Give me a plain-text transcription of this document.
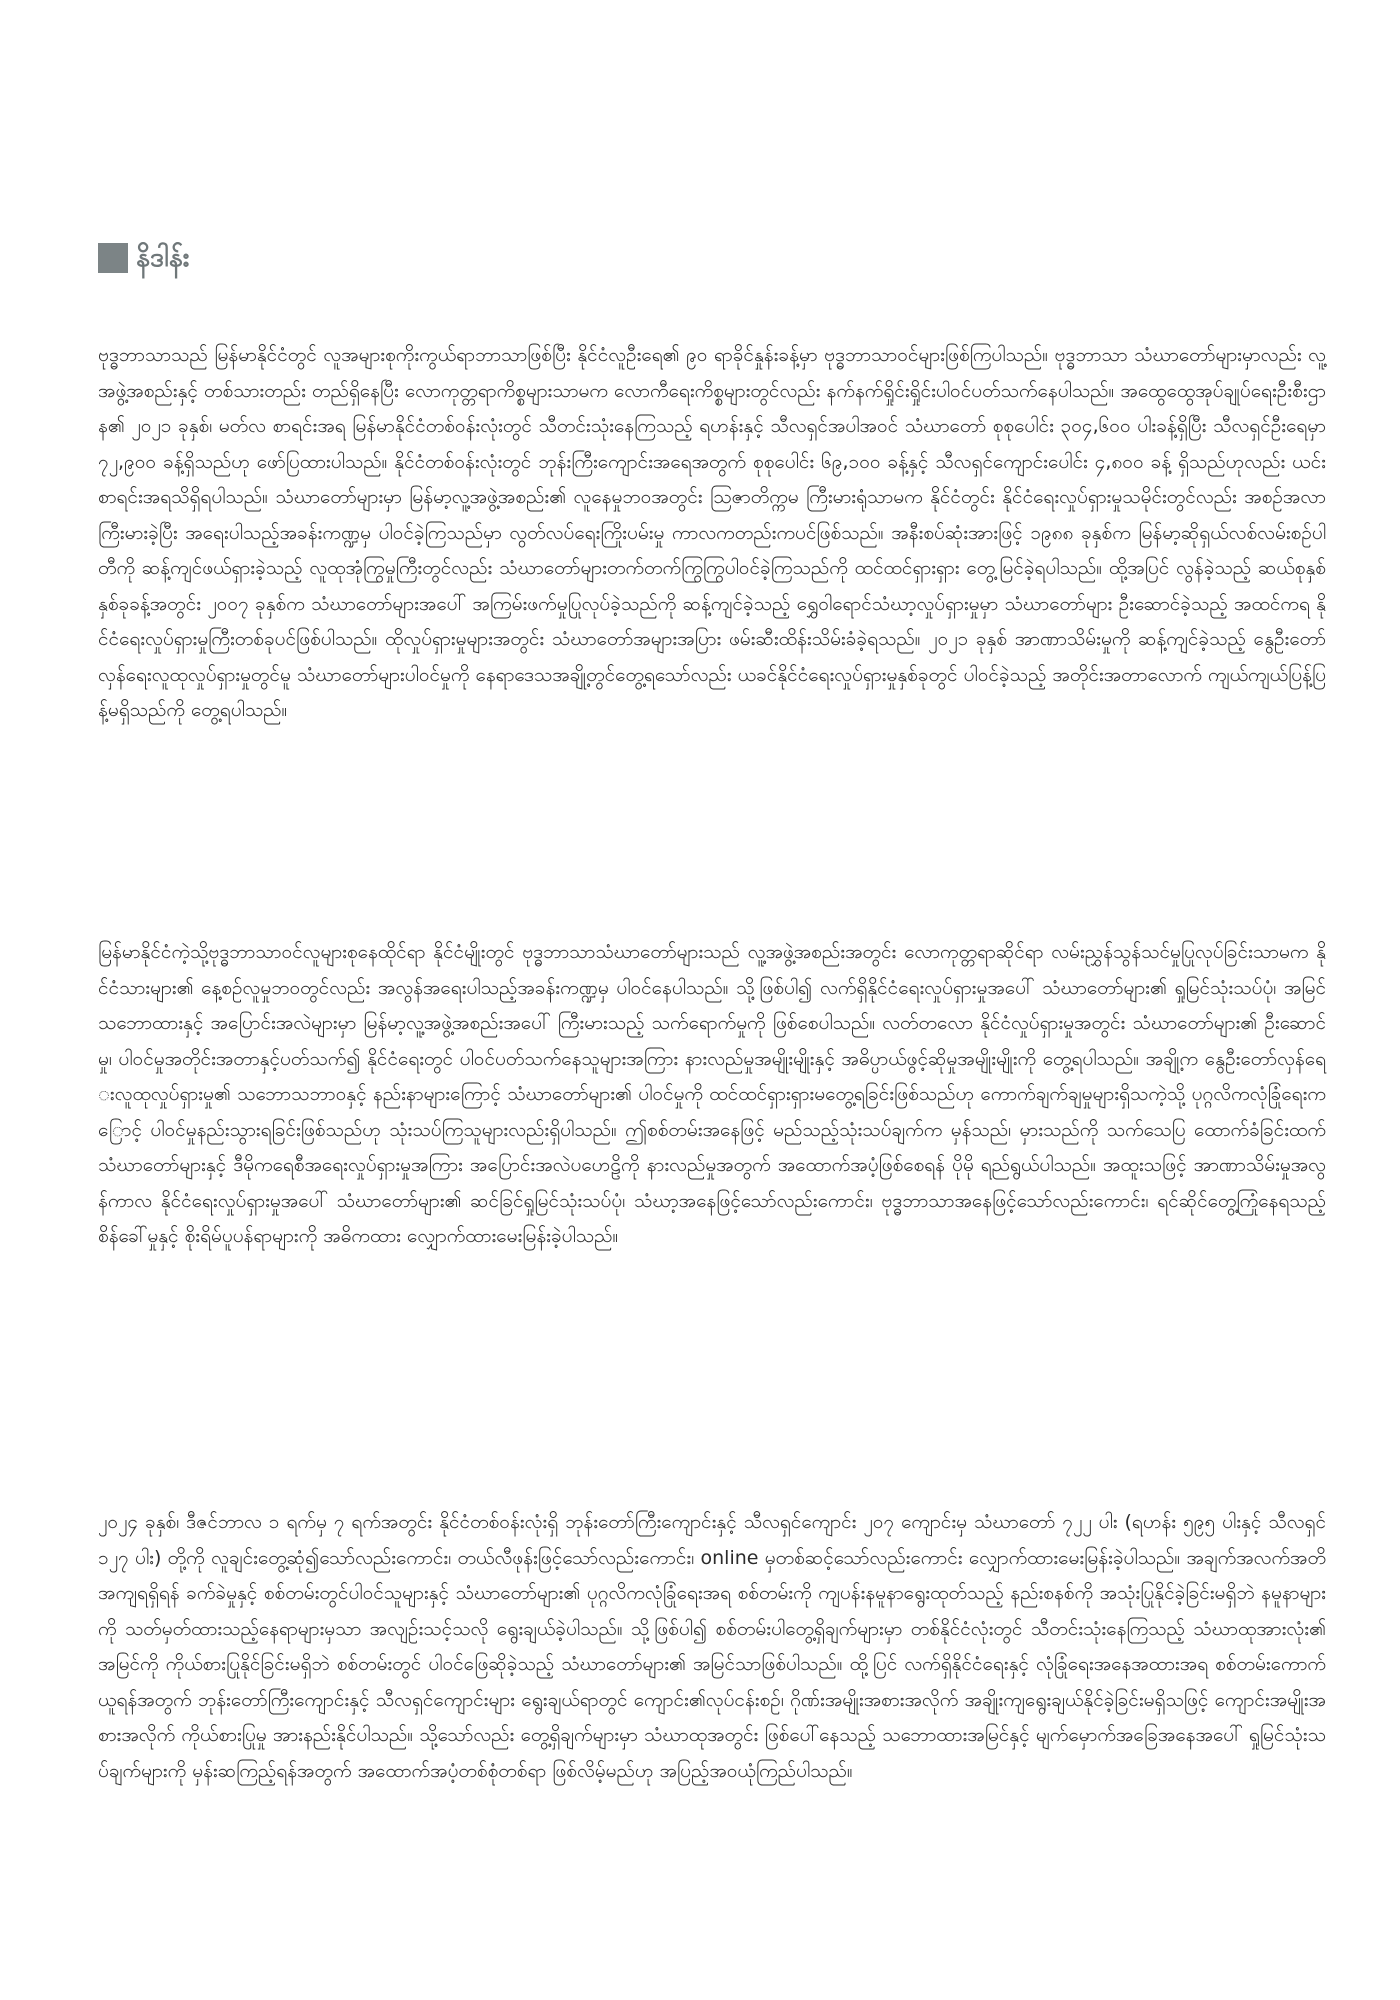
နိဒါန်း

ဗုဒ္ဓဘာသာသည် မြန်မာနိုင်ငံတွင် လူအများစုကိုးကွယ်ရာဘာသာဖြစ်ပြီး နိုင်ငံလူဦးရေ၏ ၉၀ ရာခိုင်နှုန်းခန့်မှာ ဗုဒ္ဓဘာသာဝင်များဖြစ်ကြပါသည်။ ဗုဒ္ဓဘာသာ သံဃာတော်များမှာလည်း လူ့အဖွဲ့အစည်းနှင့် တစ်သားတည်း တည်ရှိနေပြီး လောကုတ္တရာကိစ္စများသာမက လောကီရေးကိစ္စများတွင်လည်း နက်နက်ရှိုင်းရှိုင်းပါဝင်ပတ်သက်နေပါသည်။ အထွေထွေအုပ်ချုပ်ရေးဦးစီးဌာန၏ ၂၀၂၁ ခုနှစ်၊ မတ်လ စာရင်းအရ မြန်မာနိုင်ငံတစ်ဝန်းလုံးတွင် သီတင်းသုံးနေကြသည့် ရဟန်းနှင့် သီလရှင်အပါအဝင် သံဃာတော် စုစုပေါင်း ၃၀၄,၆၀၀ ပါးခန့်ရှိပြီး သီလရှင်ဦးရေမှာ ၇၂,၉၀၀ ခန့်ရှိသည်ဟု ဖော်ပြထားပါသည်။ နိုင်ငံတစ်ဝန်းလုံးတွင် ဘုန်းကြီးကျောင်းအရေအတွက် စုစုပေါင်း ၆၉,၁၀၀ ခန့်နှင့် သီလရှင်ကျောင်းပေါင်း ၄,၈၀၀ ခန့် ရှိသည်ဟုလည်း ယင်းစာရင်းအရသိရှိရပါသည်။ သံဃာတော်များမှာ မြန်မာ့လူ့အဖွဲ့အစည်း၏ လူနေမှုဘဝအတွင်း ဩဇာတိက္ကမ ကြီးမားရုံသာမက နိုင်ငံတွင်း နိုင်ငံရေးလှုပ်ရှားမှုသမိုင်းတွင်လည်း အစဉ်အလာကြီးမားခဲ့ပြီး အရေးပါသည့်အခန်းကဏ္ဍမှ ပါဝင်ခဲ့ကြသည်မှာ လွတ်လပ်ရေးကြိုးပမ်းမှု ကာလကတည်းကပင်ဖြစ်သည်။ အနီးစပ်ဆုံးအားဖြင့် ၁၉၈၈ ခုနှစ်က မြန်မာ့ဆိုရှယ်လစ်လမ်းစဉ်ပါတီကို ဆန့်ကျင်ဖယ်ရှားခဲ့သည့် လူထုအုံကြွမှုကြီးတွင်လည်း သံဃာတော်များတက်တက်ကြွကြွပါဝင်ခဲ့ကြသည်ကို ထင်ထင်ရှားရှား တွေ့မြင်ခဲ့ရပါသည်။ ထို့အပြင် လွန်ခဲ့သည့် ဆယ်စုနှစ်နှစ်ခုခန့်အတွင်း ၂၀၀၇ ခုနှစ်က သံဃာတော်များအပေါ် အကြမ်းဖက်မှုပြုလုပ်ခဲ့သည်ကို ဆန့်ကျင်ခဲ့သည့် ရွှေဝါရောင်သံဃာ့လှုပ်ရှားမှုမှာ သံဃာတော်များ ဦးဆောင်ခဲ့သည့် အထင်ကရ နိုင်ငံရေးလှုပ်ရှားမှုကြီးတစ်ခုပင်ဖြစ်ပါသည်။ ထိုလှုပ်ရှားမှုများအတွင်း သံဃာတော်အများအပြား ဖမ်းဆီးထိန်းသိမ်းခံခဲ့ရသည်။ ၂၀၂၁ ခုနှစ် အာဏာသိမ်းမှုကို ဆန့်ကျင်ခဲ့သည့် နွေဦးတော်လှန်ရေးလူထုလှုပ်ရှားမှုတွင်မူ သံဃာတော်များပါဝင်မှုကို နေရာဒေသအချို့တွင်တွေ့ရသော်လည်း ယခင်နိုင်ငံရေးလှုပ်ရှားမှုနှစ်ခုတွင် ပါဝင်ခဲ့သည့် အတိုင်းအတာလောက် ကျယ်ကျယ်ပြန့်ပြန့်မရှိသည်ကို တွေ့ရပါသည်။

မြန်မာနိုင်ငံကဲ့သို့ဗုဒ္ဓဘာသာဝင်လူများစုနေထိုင်ရာ နိုင်ငံမျိုးတွင် ဗုဒ္ဓဘာသာသံဃာတော်များသည် လူ့အဖွဲ့အစည်းအတွင်း လောကုတ္တရာဆိုင်ရာ လမ်းညွှန်သွန်သင်မှုပြုလုပ်ခြင်းသာမက နိုင်ငံသားများ၏ နေ့စဉ်လူမှုဘဝတွင်လည်း အလွန်အရေးပါသည့်အခန်းကဏ္ဍမှ ပါဝင်နေပါသည်။ သို့ဖြစ်ပါ၍ လက်ရှိနိုင်ငံရေးလှုပ်ရှားမှုအပေါ် သံဃာတော်များ၏ ရှုမြင်သုံးသပ်ပုံ၊ အမြင်သဘောထားနှင့် အပြောင်းအလဲများမှာ မြန်မာ့လူ့အဖွဲ့အစည်းအပေါ် ကြီးမားသည့် သက်ရောက်မှုကို ဖြစ်စေပါသည်။ လတ်တလော နိုင်ငံလှုပ်ရှားမှုအတွင်း သံဃာတော်များ၏ ဦးဆောင်မှု၊ ပါဝင်မှုအတိုင်းအတာနှင့်ပတ်သက်၍ နိုင်ငံရေးတွင် ပါဝင်ပတ်သက်နေသူများအကြား နားလည်မှုအမျိုးမျိုးနှင့် အဓိပ္ပာယ်ဖွင့်ဆိုမှုအမျိုးမျိုးကို တွေ့ရပါသည်။ အချို့က နွေဦးတော်လှန်ရေးလူထုလှုပ်ရှားမှု၏ သဘောသဘာဝနှင့် နည်းနာများကြောင့် သံဃာတော်များ၏ ပါဝင်မှုကို ထင်ထင်ရှားရှားမတွေ့ရခြင်းဖြစ်သည်ဟု ကောက်ချက်ချမှုများရှိသကဲ့သို့ ပုဂ္ဂလိကလုံခြုံရေးကြောင့် ပါဝင်မှုနည်းသွားရခြင်းဖြစ်သည်ဟု သုံးသပ်ကြသူများလည်းရှိပါသည်။ ဤစစ်တမ်းအနေဖြင့် မည်သည့်သုံးသပ်ချက်က မှန်သည်၊ မှားသည်ကို သက်သေပြ ထောက်ခံခြင်းထက် သံဃာတော်များနှင့် ဒီမိုကရေစီအရေးလှုပ်ရှားမှုအကြား အပြောင်းအလဲပဟေဠိကို နားလည်မှုအတွက် အထောက်အပံ့ဖြစ်စေရန် ပိုမို ရည်ရွယ်ပါသည်။ အထူးသဖြင့် အာဏာသိမ်းမှုအလွန်ကာလ နိုင်ငံရေးလှုပ်ရှားမှုအပေါ် သံဃာတော်များ၏ ဆင်ခြင်ရှုမြင်သုံးသပ်ပုံ၊ သံဃာ့အနေဖြင့်သော်လည်းကောင်း၊ ဗုဒ္ဓဘာသာအနေဖြင့်သော်လည်းကောင်း၊ ရင်ဆိုင်တွေ့ကြုံနေရသည့် စိန်ခေါ်မှုနှင့် စိုးရိမ်ပူပန်ရာများကို အဓိကထား လျှောက်ထားမေးမြန်းခဲ့ပါသည်။

၂၀၂၄ ခုနှစ်၊ ဒီဇင်ဘာလ ၁ ရက်မှ ၇ ရက်အတွင်း နိုင်ငံတစ်ဝန်းလုံးရှိ ဘုန်းတော်ကြီးကျောင်းနှင့် သီလရှင်ကျောင်း ၂၀၇ ကျောင်းမှ သံဃာတော် ၇၂၂ ပါး (ရဟန်း ၅၉၅ ပါးနှင့် သီလရှင် ၁၂၇ ပါး) တို့ကို လူချင်းတွေ့ဆုံ၍သော်လည်းကောင်း၊ တယ်လီဖုန်းဖြင့်သော်လည်းကောင်း၊ online မှတစ်ဆင့်သော်လည်းကောင်း လျှောက်ထားမေးမြန်းခဲ့ပါသည်။ အချက်အလက်အတိအကျရရှိရန် ခက်ခဲမှုနှင့် စစ်တမ်းတွင်ပါဝင်သူများနှင့် သံဃာတော်များ၏ ပုဂ္ဂလိကလုံခြုံရေးအရ စစ်တမ်းကို ကျပန်းနမူနာရွေးထုတ်သည့် နည်းစနစ်ကို အသုံးပြုနိုင်ခဲ့ခြင်းမရှိဘဲ နမူနာများကို သတ်မှတ်ထားသည့်နေရာများမှသာ အလျဉ်းသင့်သလို ရွေးချယ်ခဲ့ပါသည်။ သို့ဖြစ်ပါ၍ စစ်တမ်းပါတွေ့ရှိချက်များမှာ တစ်နိုင်ငံလုံးတွင် သီတင်းသုံးနေကြသည့် သံဃာထုအားလုံး၏ အမြင်ကို ကိုယ်စားပြုနိုင်ခြင်းမရှိဘဲ စစ်တမ်းတွင် ပါဝင်ဖြေဆိုခဲ့သည့် သံဃာတော်များ၏ အမြင်သာဖြစ်ပါသည်။ ထို့ပြင် လက်ရှိနိုင်ငံရေးနှင့် လုံခြုံရေးအနေအထားအရ စစ်တမ်းကောက်ယူရန်အတွက် ဘုန်းတော်ကြီးကျောင်းနှင့် သီလရှင်ကျောင်းများ ရွေးချယ်ရာတွင် ကျောင်း၏လုပ်ငန်းစဉ်၊ ဂိုဏ်းအမျိုးအစားအလိုက် အချိုးကျရွေးချယ်နိုင်ခဲ့ခြင်းမရှိသဖြင့် ကျောင်းအမျိုးအစားအလိုက် ကိုယ်စားပြုမှု အားနည်းနိုင်ပါသည်။ သို့သော်လည်း တွေ့ရှိချက်များမှာ သံဃာထုအတွင်း ဖြစ်ပေါ်နေသည့် သဘောထားအမြင်နှင့် မျက်မှောက်အခြေအနေအပေါ် ရှုမြင်သုံးသပ်ချက်များကို မှန်းဆကြည့်ရန်အတွက် အထောက်အပံ့တစ်စုံတစ်ရာ ဖြစ်လိမ့်မည်ဟု အပြည့်အဝယုံကြည်ပါသည်။
